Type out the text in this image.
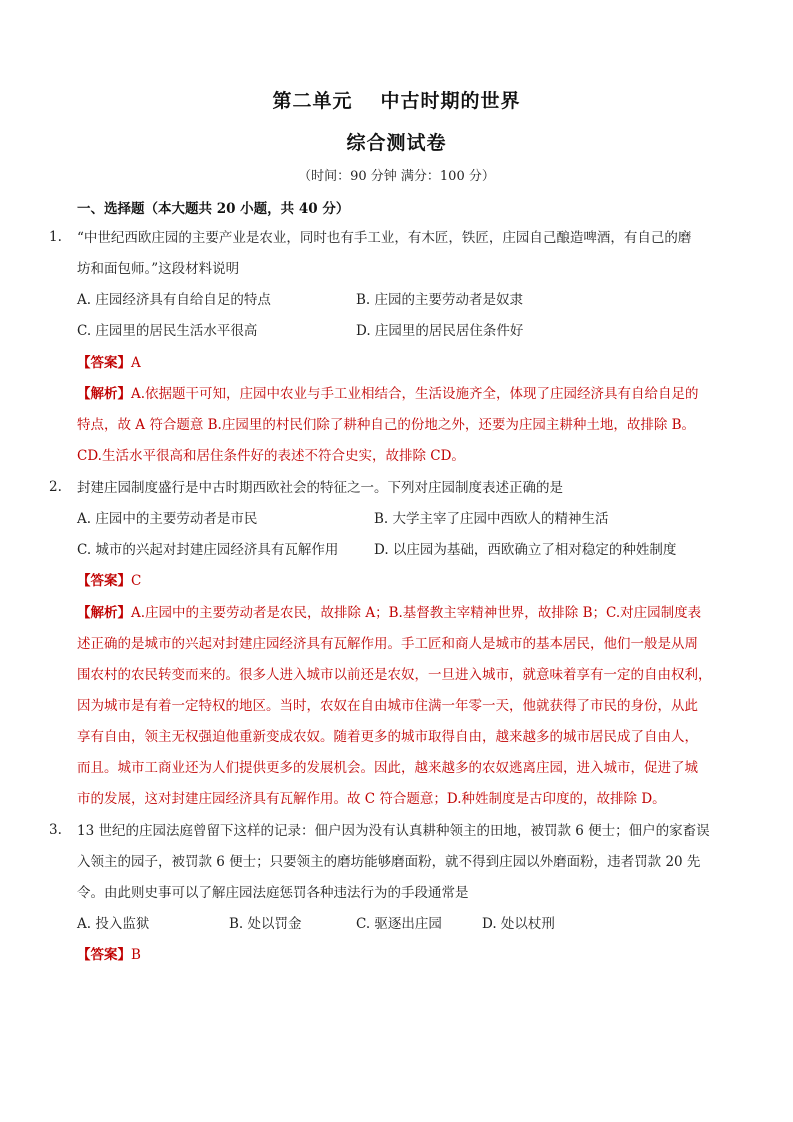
第二单元 中古时期的世界
综合测试卷
（时间：90 分钟 满分：100 分）
一、选择题（本大题共 20 小题，共 40 分）
1. “中世纪西欧庄园的主要产业是农业，同时也有手工业，有木匠，铁匠，庄园自己酿造啤酒，有自己的磨
坊和面包师。”这段材料说明
A. 庄园经济具有自给自足的特点	B. 庄园的主要劳动者是奴隶
C. 庄园里的居民生活水平很高	D. 庄园里的居民居住条件好
【答案】A
【解析】A.依据题干可知，庄园中农业与手工业相结合，生活设施齐全，体现了庄园经济具有自给自足的
特点，故 A 符合题意 B.庄园里的村民们除了耕种自己的份地之外，还要为庄园主耕种土地，故排除 B。
CD.生活水平很高和居住条件好的表述不符合史实，故排除 CD。
2. 封建庄园制度盛行是中古时期西欧社会的特征之一。下列对庄园制度表述正确的是
A. 庄园中的主要劳动者是市民	B. 大学主宰了庄园中西欧人的精神生活
C. 城市的兴起对封建庄园经济具有瓦解作用	D. 以庄园为基础，西欧确立了相对稳定的种姓制度
【答案】C
【解析】A.庄园中的主要劳动者是农民，故排除 A；B.基督教主宰精神世界，故排除 B；C.对庄园制度表
述正确的是城市的兴起对封建庄园经济具有瓦解作用。手工匠和商人是城市的基本居民，他们一般是从周
围农村的农民转变而来的。很多人进入城市以前还是农奴，一旦进入城市，就意味着享有一定的自由权利，
因为城市是有着一定特权的地区。当时，农奴在自由城市住满一年零一天，他就获得了市民的身份，从此
享有自由，领主无权强迫他重新变成农奴。随着更多的城市取得自由，越来越多的城市居民成了自由人，
而且。城市工商业还为人们提供更多的发展机会。因此，越来越多的农奴逃离庄园，进入城市，促进了城
市的发展，这对封建庄园经济具有瓦解作用。故 C 符合题意；D.种姓制度是古印度的，故排除 D。
3. 13 世纪的庄园法庭曾留下这样的记录：佃户因为没有认真耕种领主的田地，被罚款 6 便士；佃户的家畜误
入领主的园子，被罚款 6 便士；只要领主的磨坊能够磨面粉，就不得到庄园以外磨面粉，违者罚款 20 先
令。由此则史事可以了解庄园法庭惩罚各种违法行为的手段通常是
A. 投入监狱	B. 处以罚金	C. 驱逐出庄园	D. 处以杖刑
【答案】B
